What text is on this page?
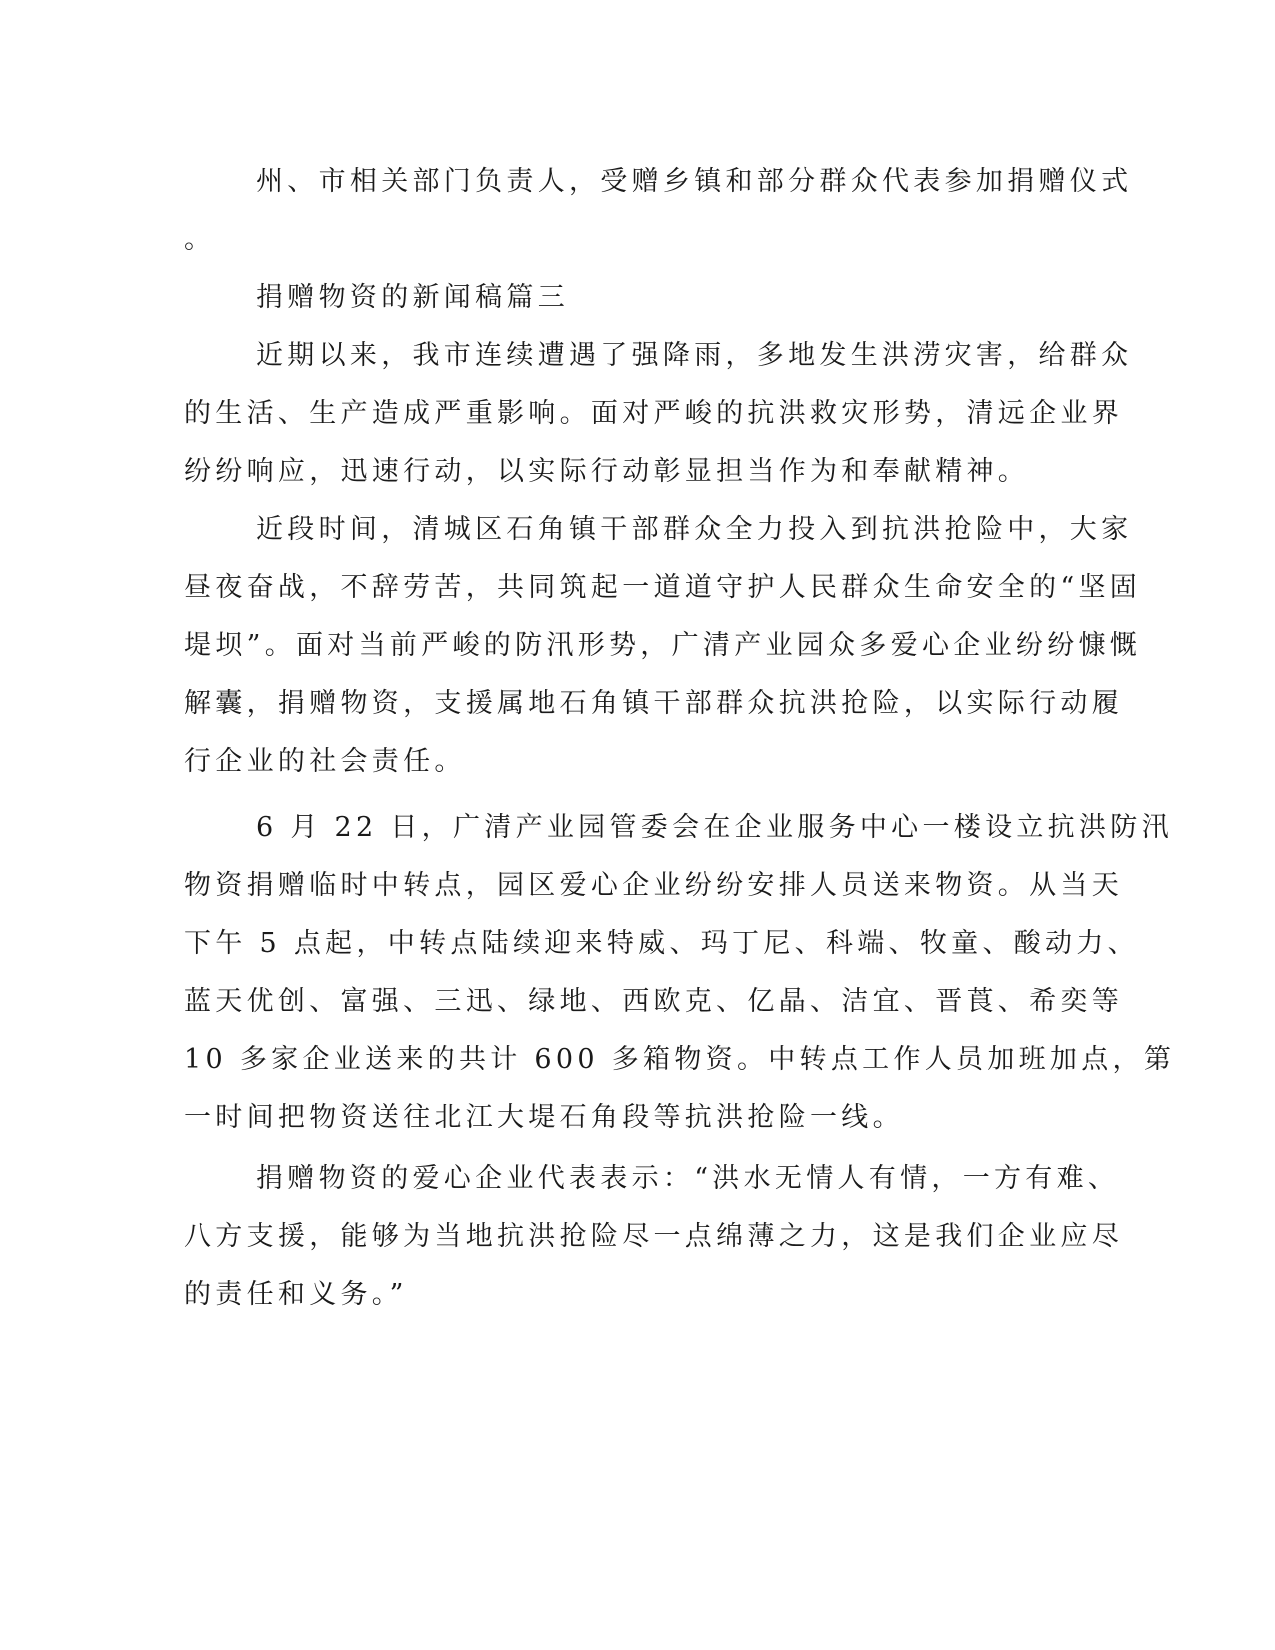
州、市相关部门负责人，受赠乡镇和部分群众代表参加捐赠仪式
。
捐赠物资的新闻稿篇三
近期以来，我市连续遭遇了强降雨，多地发生洪涝灾害，给群众
的生活、生产造成严重影响。面对严峻的抗洪救灾形势，清远企业界
纷纷响应，迅速行动，以实际行动彰显担当作为和奉献精神。
近段时间，清城区石角镇干部群众全力投入到抗洪抢险中，大家
昼夜奋战，不辞劳苦，共同筑起一道道守护人民群众生命安全的“坚固
堤坝”。面对当前严峻的防汛形势，广清产业园众多爱心企业纷纷慷慨
解囊，捐赠物资，支援属地石角镇干部群众抗洪抢险，以实际行动履
行企业的社会责任。
6 月 22 日，广清产业园管委会在企业服务中心一楼设立抗洪防汛
物资捐赠临时中转点，园区爱心企业纷纷安排人员送来物资。从当天
下午 5 点起，中转点陆续迎来特威、玛丁尼、科端、牧童、酸动力、
蓝天优创、富强、三迅、绿地、西欧克、亿晶、洁宜、晋莨、希奕等
10 多家企业送来的共计 600 多箱物资。中转点工作人员加班加点，第
一时间把物资送往北江大堤石角段等抗洪抢险一线。
捐赠物资的爱心企业代表表示：“洪水无情人有情，一方有难、
八方支援，能够为当地抗洪抢险尽一点绵薄之力，这是我们企业应尽
的责任和义务。”
